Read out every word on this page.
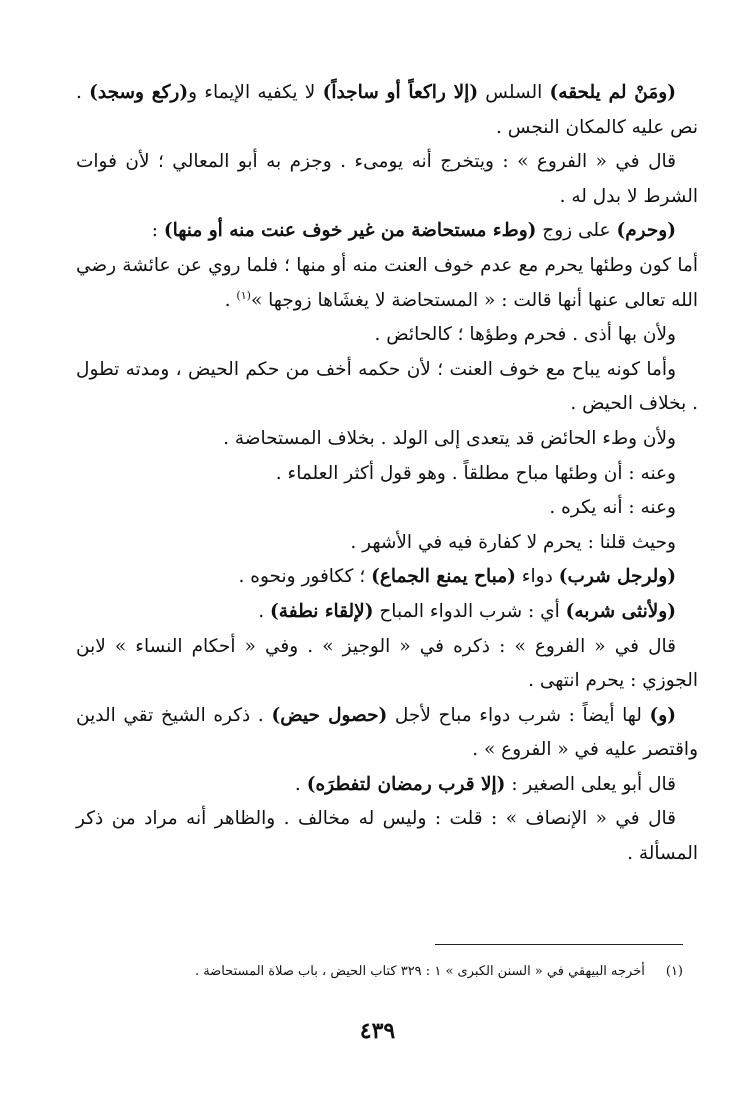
(ومَنْ لم يلحقه) السلس (إلا راكعاً أو ساجداً) لا يكفيه الإيماء و(ركع وسجد) . نص عليه كالمكان النجس .

قال في « الفروع » : ويتخرج أنه يومىء . وجزم به أبو المعالي ؛ لأن فوات الشرط لا بدل له .

(وحرم) على زوج (وطء مستحاضة من غير خوف عنت منه أو منها) :

أما كون وطئها يحرم مع عدم خوف العنت منه أو منها ؛ فلما روي عن عائشة رضي الله تعالى عنها أنها قالت : « المستحاضة لا يغشَاها زوجها »$^{(١)}$ .

ولأن بها أذى . فحرم وطؤها ؛ كالحائض .

وأما كونه يباح مع خوف العنت ؛ لأن حكمه أخف من حكم الحيض ، ومدته تطول . بخلاف الحيض .

ولأن وطء الحائض قد يتعدى إلى الولد . بخلاف المستحاضة .

وعنه : أن وطئها مباح مطلقاً . وهو قول أكثر العلماء .

وعنه : أنه يكره .

وحيث قلنا : يحرم لا كفارة فيه في الأشهر .

(ولرجل شرب) دواء (مباح يمنع الجماع) ؛ ككافور ونحوه .

(ولأنثى شربه) أي : شرب الدواء المباح (لإلقاء نطفة) .

قال في « الفروع » : ذكره في « الوجيز » . وفي « أحكام النساء » لابن الجوزي : يحرم انتهى .

(و) لها أيضاً : شرب دواء مباح لأجل (حصول حيض) . ذكره الشيخ تقي الدين واقتصر عليه في « الفروع » .

قال أبو يعلى الصغير : (إلا قرب رمضان لتفطرَه) .

قال في « الإنصاف » : قلت : وليس له مخالف . والظاهر أنه مراد من ذكر المسألة .

(١) أخرجه البيهقي في « السنن الكبرى » ١ : ٣٢٩ كتاب الحيض ، باب صلاة المستحاضة .
٤٣٩
